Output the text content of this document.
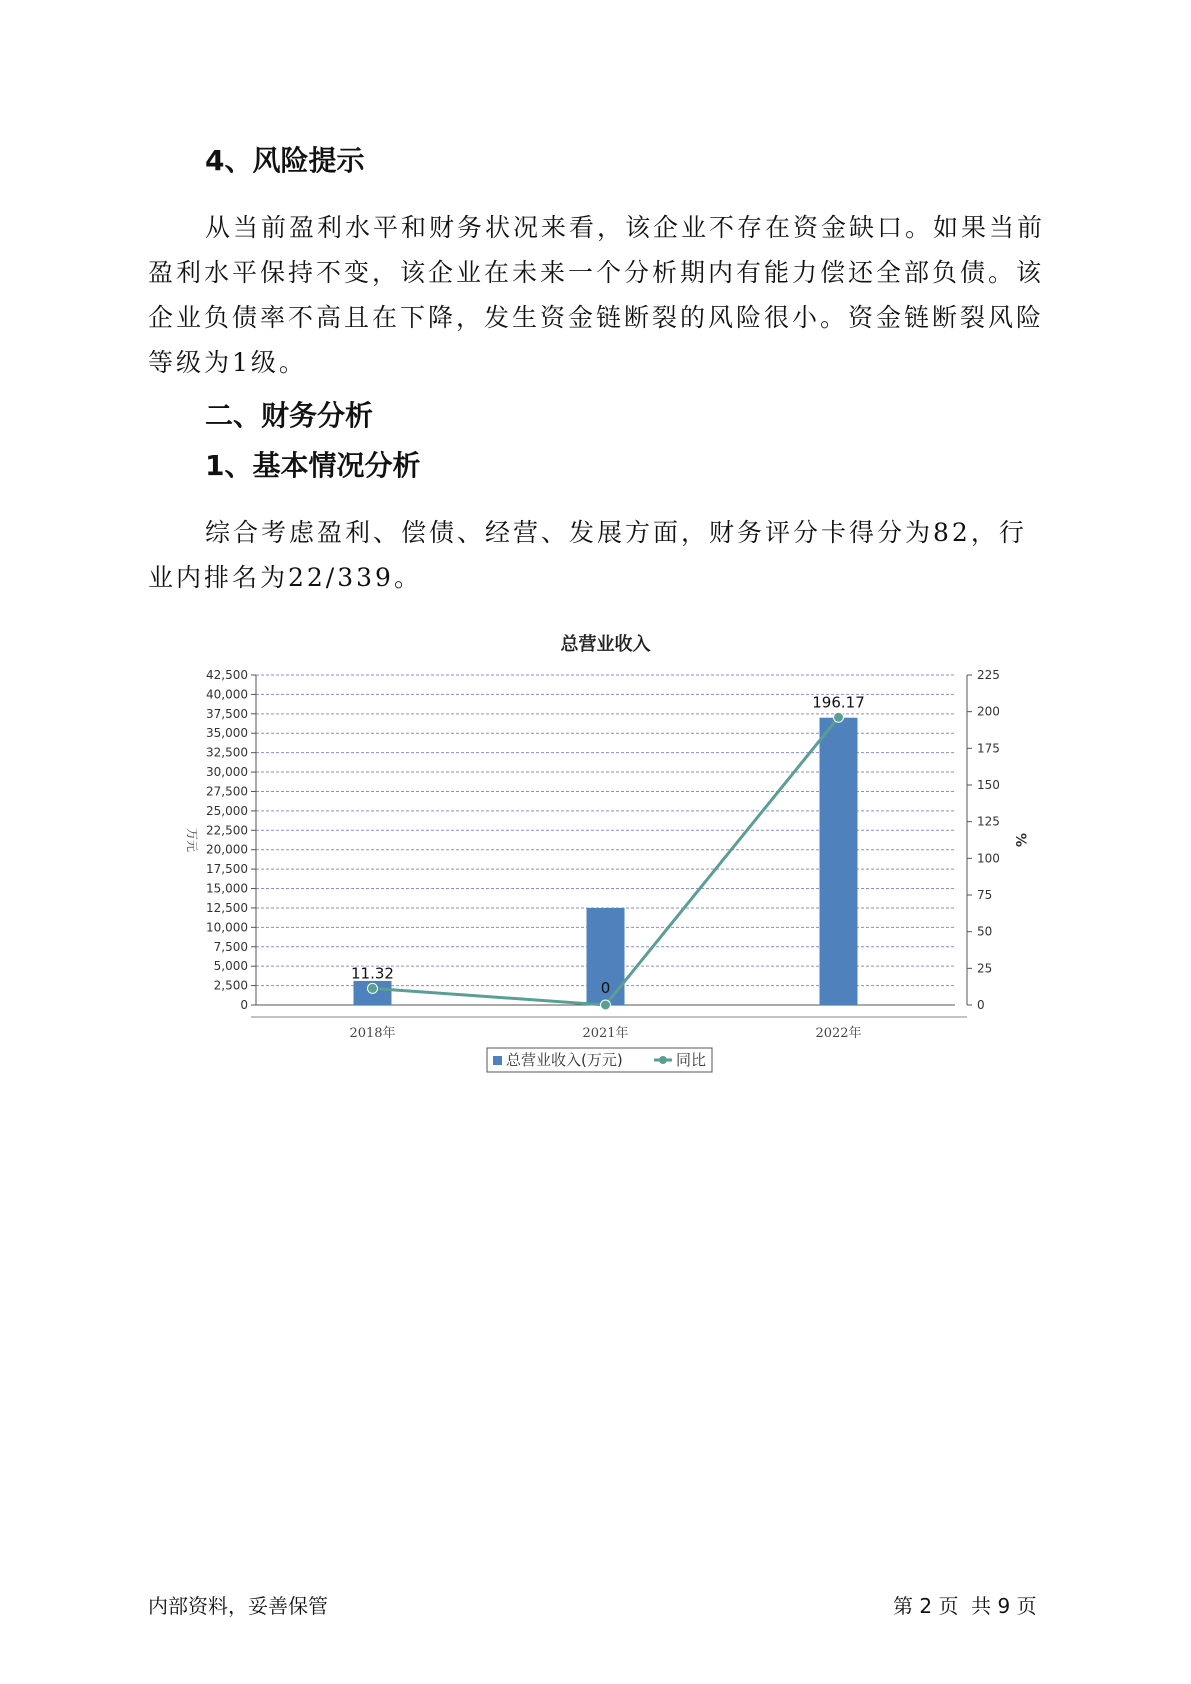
4、风险提示

从当前盈利水平和财务状况来看，该企业不存在资金缺口。如果当前盈利水平保持不变，该企业在未来一个分析期内有能力偿还全部负债。该企业负债率不高且在下降，发生资金链断裂的风险很小。资金链断裂风险等级为1级。

二、财务分析
1、基本情况分析

综合考虑盈利、偿债、经营、发展方面，财务评分卡得分为82，行业内排名为22/339。

总营业收入
0
2,500
5,000
7,500
10,000
12,500
15,000
17,500
20,000
22,500
25,000
27,500
30,000
32,500
35,000
37,500
40,000
42,500
0
25
50
75
100
125
150
175
200
225
万元	%
2018年	2021年	2022年
11.32
0
196.17
总营业收入(万元)	同比
内部资料，妥善保管	第 2 页  共 9 页
